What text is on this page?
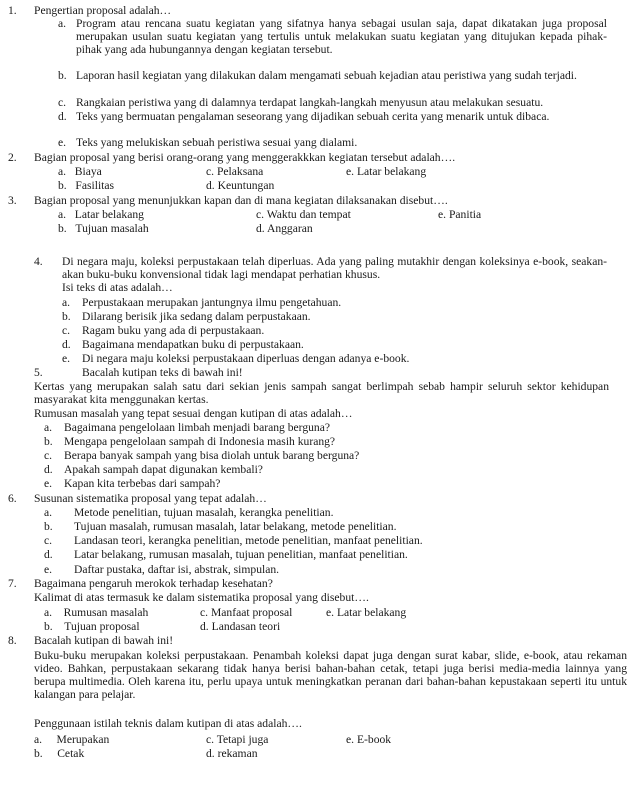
1. Pengertian proposal adalah…
a. Program atau rencana suatu kegiatan yang sifatnya hanya sebagai usulan saja, dapat dikatakan juga proposal merupakan usulan suatu kegiatan yang tertulis untuk melakukan suatu kegiatan yang ditujukan kepada pihak-pihak yang ada hubungannya dengan kegiatan tersebut.
b. Laporan hasil kegiatan yang dilakukan dalam mengamati sebuah kejadian atau peristiwa yang sudah terjadi.
c. Rangkaian peristiwa yang di dalamnya terdapat langkah-langkah menyusun atau melakukan sesuatu.
d. Teks yang bermuatan pengalaman seseorang yang dijadikan sebuah cerita yang menarik untuk dibaca.
e. Teks yang melukiskan sebuah peristiwa sesuai yang dialami.
2. Bagian proposal yang berisi orang-orang yang menggerakkkan kegiatan tersebut adalah….
a. Biaya	c. Pelaksana	e. Latar belakang
b. Fasilitas	d. Keuntungan
3. Bagian proposal yang menunjukkan kapan dan di mana kegiatan dilaksanakan disebut….
a. Latar belakang	c. Waktu dan tempat	e. Panitia
b. Tujuan masalah	d. Anggaran
4. Di negara maju, koleksi perpustakaan telah diperluas. Ada yang paling mutakhir dengan koleksinya e-book, seakan-akan buku-buku konvensional tidak lagi mendapat perhatian khusus.
Isi teks di atas adalah…
a. Perpustakaan merupakan jantungnya ilmu pengetahuan.
b. Dilarang berisik jika sedang dalam perpustakaan.
c. Ragam buku yang ada di perpustakaan.
d. Bagaimana mendapatkan buku di perpustakaan.
e. Di negara maju koleksi perpustakaan diperluas dengan adanya e-book.
5.	Bacalah kutipan teks di bawah ini!
Kertas yang merupakan salah satu dari sekian jenis sampah sangat berlimpah sebab hampir seluruh sektor kehidupan masyarakat kita menggunakan kertas.
Rumusan masalah yang tepat sesuai dengan kutipan di atas adalah…
a. Bagaimana pengelolaan limbah menjadi barang berguna?
b. Mengapa pengelolaan sampah di Indonesia masih kurang?
c. Berapa banyak sampah yang bisa diolah untuk barang berguna?
d. Apakah sampah dapat digunakan kembali?
e. Kapan kita terbebas dari sampah?
6. Susunan sistematika proposal yang tepat adalah…
a. Metode penelitian, tujuan masalah, kerangka penelitian.
b. Tujuan masalah, rumusan masalah, latar belakang, metode penelitian.
c. Landasan teori, kerangka penelitian, metode penelitian, manfaat penelitian.
d. Latar belakang, rumusan masalah, tujuan penelitian, manfaat penelitian.
e. Daftar pustaka, daftar isi, abstrak, simpulan.
7. Bagaimana pengaruh merokok terhadap kesehatan?
Kalimat di atas termasuk ke dalam sistematika proposal yang disebut….
a. Rumusan masalah	c. Manfaat proposal	e. Latar belakang
b. Tujuan proposal	d. Landasan teori
8. Bacalah kutipan di bawah ini!
Buku-buku merupakan koleksi perpustakaan. Penambah koleksi dapat juga dengan surat kabar, slide, e-book, atau rekaman video. Bahkan, perpustakaan sekarang tidak hanya berisi bahan-bahan cetak, tetapi juga berisi media-media lainnya yang berupa multimedia. Oleh karena itu, perlu upaya untuk meningkatkan peranan dari bahan-bahan kepustakaan seperti itu untuk kalangan para pelajar.
Penggunaan istilah teknis dalam kutipan di atas adalah….
a. Merupakan	c. Tetapi juga	e. E-book
b. Cetak	d. rekaman
